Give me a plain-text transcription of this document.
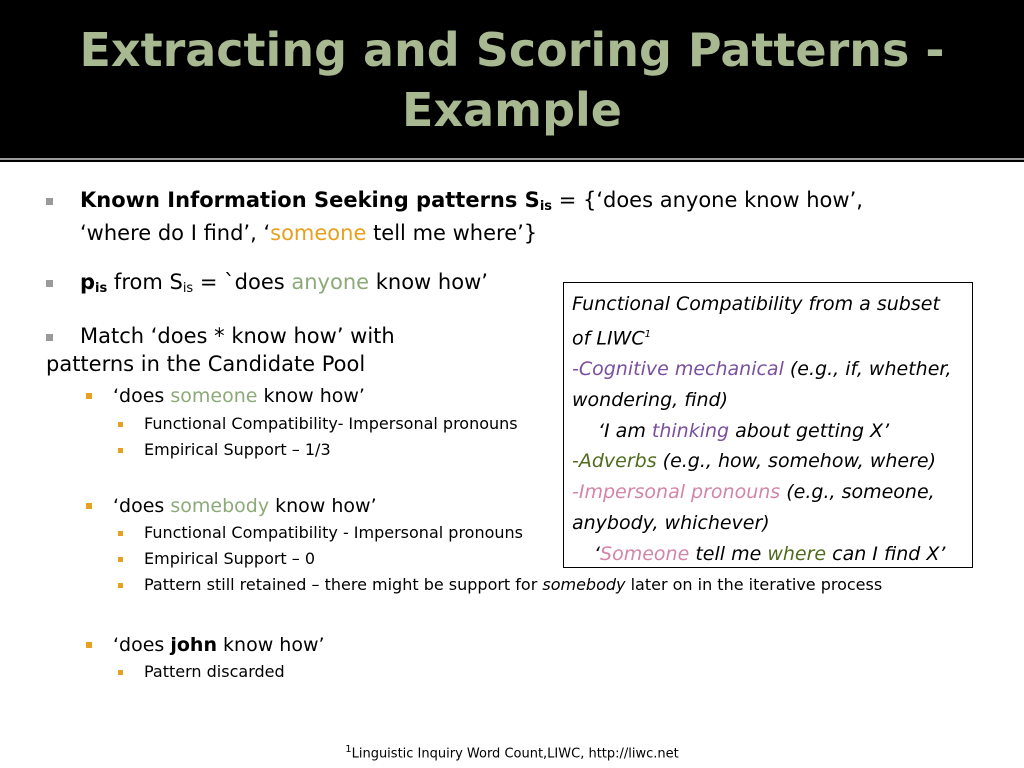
Extracting and Scoring Patterns -
Example
Known Information Seeking patterns $S_{is}$ = {‘does anyone know how’,
‘where do I find’, ‘someone tell me where’}
$p_{is}$ from $S_{is}$ = `does anyone know how’
Match ‘does * know how’ with
patterns in the Candidate Pool
‘does someone know how’
Functional Compatibility- Impersonal pronouns
Empirical Support – 1/3
‘does somebody know how’
Functional Compatibility - Impersonal pronouns
Empirical Support – 0
Pattern still retained – there might be support for somebody later on in the iterative process
‘does john know how’
Pattern discarded
Functional Compatibility from a subset
of LIWC$^1$
-Cognitive mechanical (e.g., if, whether,
wondering, find)
‘I am thinking about getting X’
-Adverbs (e.g., how, somehow, where)
-Impersonal pronouns (e.g., someone,
anybody, whichever)
‘Someone tell me where can I find X’
$^1$Linguistic Inquiry Word Count,LIWC, http://liwc.net
